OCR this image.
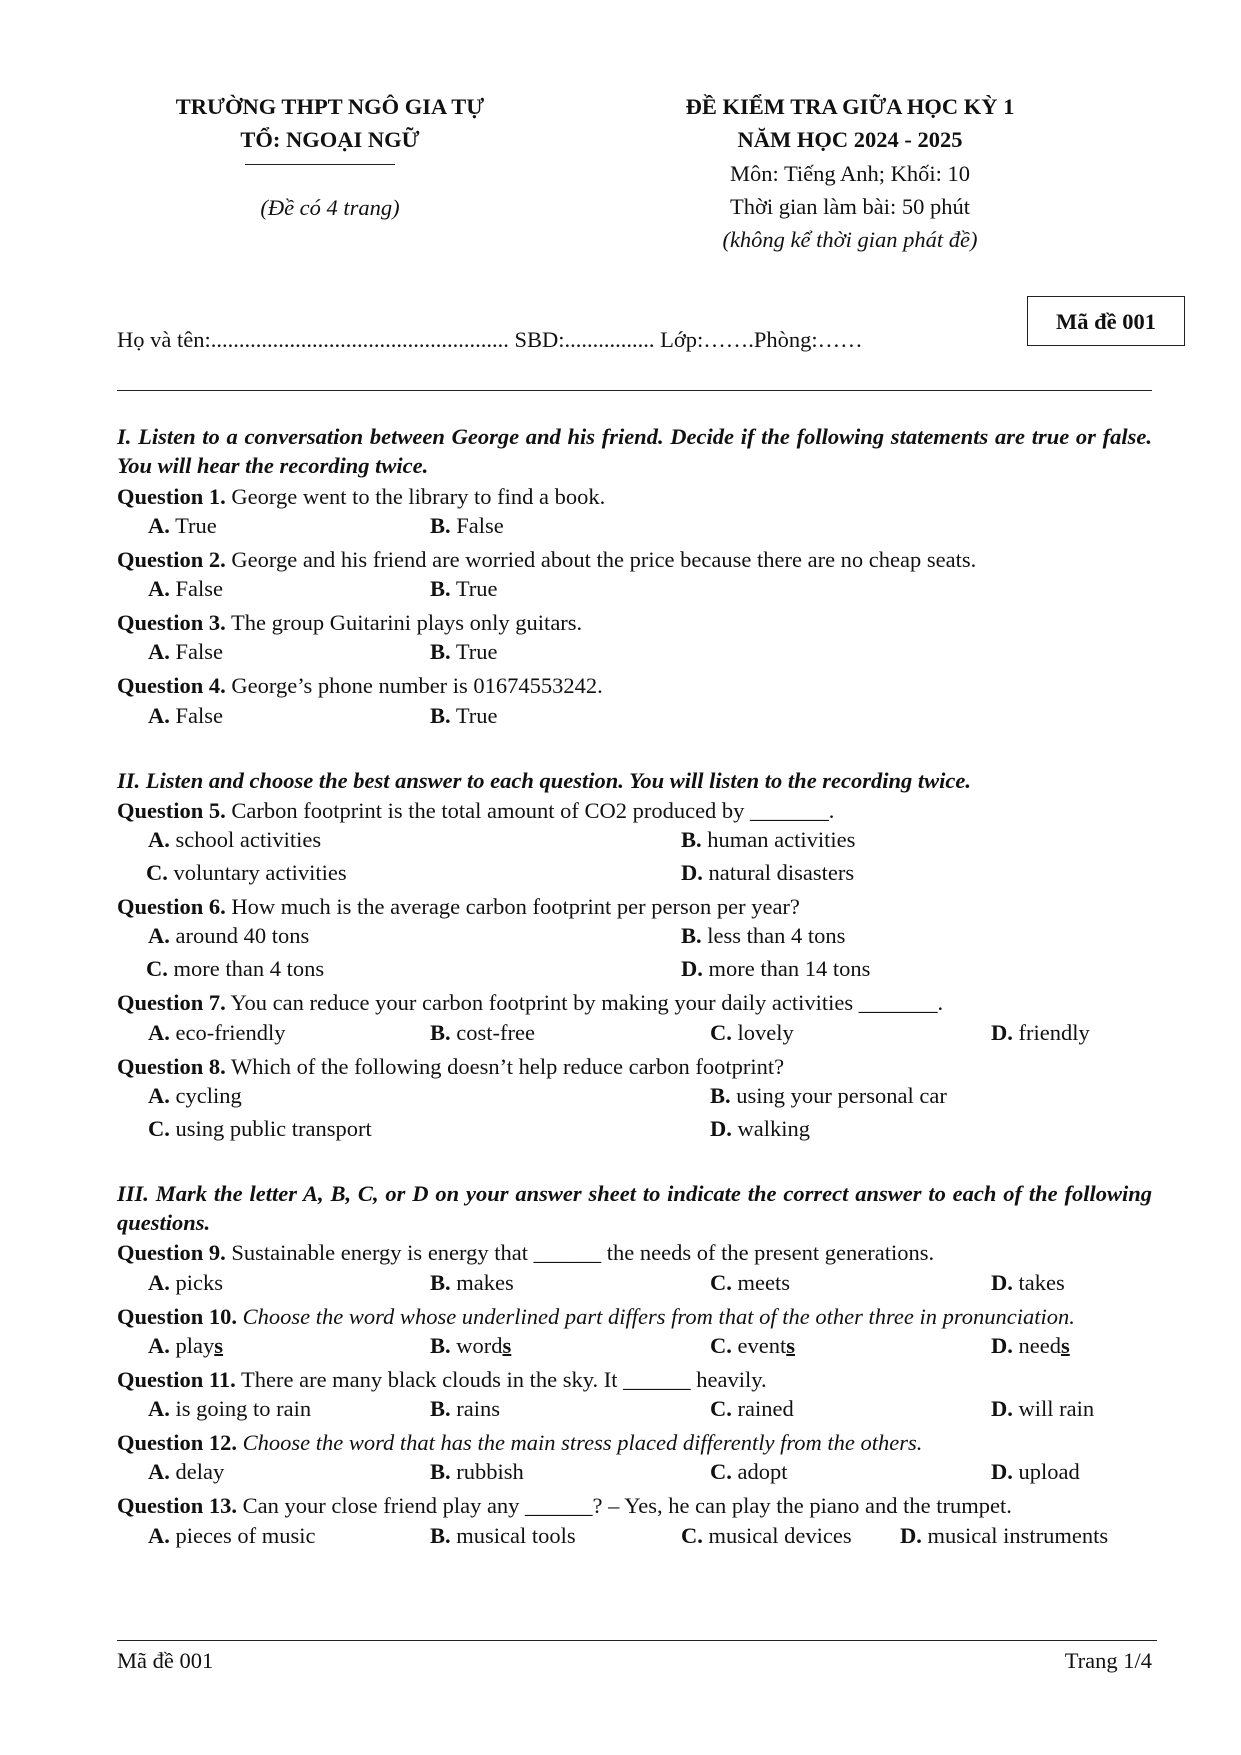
TRƯỜNG THPT NGÔ GIA TỰ
TỔ: NGOẠI NGỮ
(Đề có 4 trang)
ĐỀ KIỂM TRA GIỮA HỌC KỲ 1
NĂM HỌC 2024 - 2025
Môn: Tiếng Anh; Khối: 10
Thời gian làm bài: 50 phút
(không kể thời gian phát đề)
Mã đề 001
Họ và tên:..................................................... SBD:................ Lớp:…….Phòng:……
I. Listen to a conversation between George and his friend. Decide if the following statements are true or false. You will hear the recording twice.
Question 1. George went to the library to find a book.
A. True	B. False
Question 2. George and his friend are worried about the price because there are no cheap seats.
A. False	B. True
Question 3. The group Guitarini plays only guitars.
A. False	B. True
Question 4. George’s phone number is 01674553242.
A. False	B. True
II. Listen and choose the best answer to each question. You will listen to the recording twice.
Question 5. Carbon footprint is the total amount of CO2 produced by _______.
A. school activities	B. human activities
C. voluntary activities	D. natural disasters
Question 6. How much is the average carbon footprint per person per year?
A. around 40 tons	B. less than 4 tons
C. more than 4 tons	D. more than 14 tons
Question 7. You can reduce your carbon footprint by making your daily activities _______.
A. eco-friendly	B. cost-free	C. lovely	D. friendly
Question 8. Which of the following doesn’t help reduce carbon footprint?
A. cycling	B. using your personal car
C. using public transport	D. walking
III. Mark the letter A, B, C, or D on your answer sheet to indicate the correct answer to each of the following questions.
Question 9. Sustainable energy is energy that ______ the needs of the present generations.
A. picks	B. makes	C. meets	D. takes
Question 10. Choose the word whose underlined part differs from that of the other three in pronunciation.
A. plays	B. words	C. events	D. needs
Question 11. There are many black clouds in the sky. It ______ heavily.
A. is going to rain	B. rains	C. rained	D. will rain
Question 12. Choose the word that has the main stress placed differently from the others.
A. delay	B. rubbish	C. adopt	D. upload
Question 13. Can your close friend play any ______? – Yes, he can play the piano and the trumpet.
A. pieces of music	B. musical tools	C. musical devices D. musical instruments
Mã đề 001	Trang 1/4
